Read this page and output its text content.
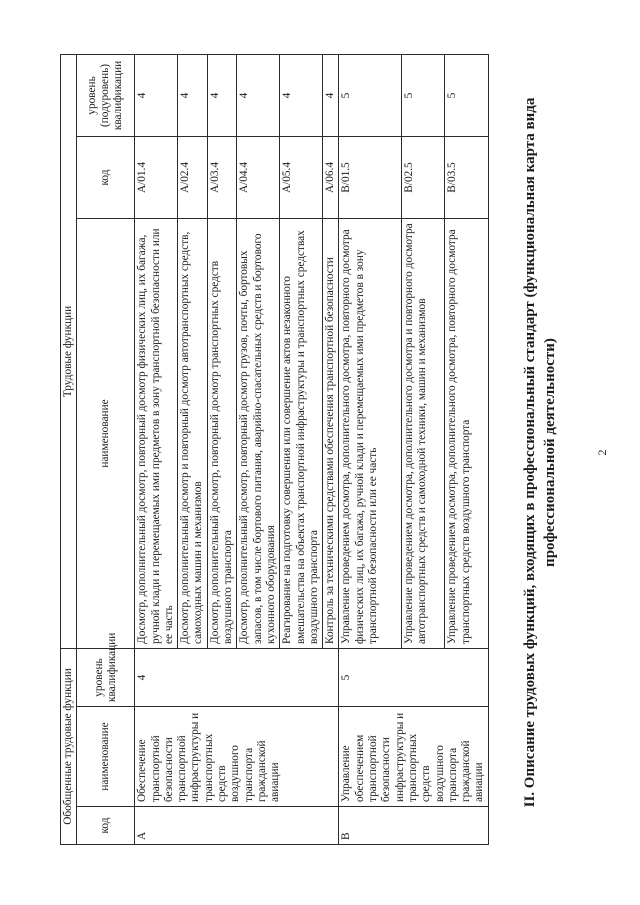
II. Описание трудовых функций, входящих в профессиональный стандарт (функциональная карта вида профессиональной деятельности)	2
Обобщенные трудовые функции			Трудовые функции		
код	наименование	уровень квалификации	наименование	код	уровень (подуровень) квалификации
А	Обеспечение транспортной безопасности транспортной инфраструктуры и транспортных средств воздушного транспорта гражданской авиации	4	Досмотр, дополнительный досмотр, повторный досмотр физических лиц, их багажа, ручной клади и перемещаемых ими предметов в зону транспортной безопасности или ее часть	A/01.4	4
			Досмотр, дополнительный досмотр и повторный досмотр автотранспортных средств, самоходных машин и механизмов	A/02.4	4
			Досмотр, дополнительный досмотр, повторный досмотр транспортных средств воздушного транспорта	A/03.4	4
			Досмотр, дополнительный досмотр, повторный досмотр грузов, почты, бортовых запасов, в том числе бортового питания, аварийно-спасательных средств и бортового кухонного оборудования	A/04.4	4
			Реагирование на подготовку совершения или совершение актов незаконного вмешательства на объектах транспортной инфраструктуры и транспортных средствах воздушного транспорта	A/05.4	4
			Контроль за техническими средствами обеспечения транспортной безопасности	A/06.4	4
В	Управление обеспечением транспортной безопасности инфраструктуры и транспортных средств воздушного транспорта гражданской авиации	5	Управление проведением досмотра, дополнительного досмотра, повторного досмотра физических лиц, их багажа, ручной клади и перемещаемых ими предметов в зону транспортной безопасности или ее часть	B/01.5	5
			Управление проведением досмотра, дополнительного досмотра и повторного досмотра автотранспортных средств и самоходной техники, машин и механизмов	B/02.5	5
			Управление проведением досмотра, дополнительного досмотра, повторного досмотра транспортных средств воздушного транспорта	B/03.5	5
